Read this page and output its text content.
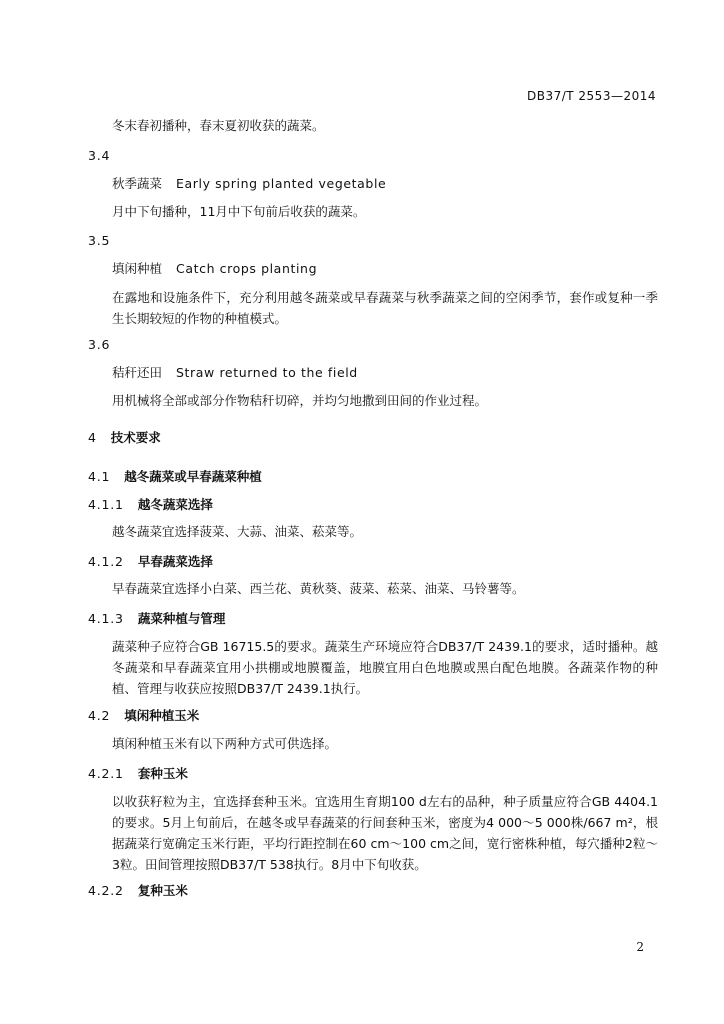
DB37/T 2553—2014
冬末春初播种，春末夏初收获的蔬菜。
3.4
秋季蔬菜 Early spring planted vegetable
月中下旬播种，11月中下旬前后收获的蔬菜。
3.5
填闲种植 Catch crops planting
在露地和设施条件下，充分利用越冬蔬菜或早春蔬菜与秋季蔬菜之间的空闲季节，套作或复种一季生长期较短的作物的种植模式。
3.6
秸秆还田 Straw returned to the field
用机械将全部或部分作物秸秆切碎，并均匀地撒到田间的作业过程。
4 技术要求
4.1 越冬蔬菜或早春蔬菜种植
4.1.1 越冬蔬菜选择
越冬蔬菜宜选择菠菜、大蒜、油菜、菘菜等。
4.1.2 早春蔬菜选择
早春蔬菜宜选择小白菜、西兰花、黄秋葵、菠菜、菘菜、油菜、马铃薯等。
4.1.3 蔬菜种植与管理
蔬菜种子应符合GB 16715.5的要求。蔬菜生产环境应符合DB37/T 2439.1的要求，适时播种。越冬蔬菜和早春蔬菜宜用小拱棚或地膜覆盖，地膜宜用白色地膜或黑白配色地膜。各蔬菜作物的种植、管理与收获应按照DB37/T 2439.1执行。
4.2 填闲种植玉米
填闲种植玉米有以下两种方式可供选择。
4.2.1 套种玉米
以收获籽粒为主，宜选择套种玉米。宜选用生育期100 d左右的品种，种子质量应符合GB 4404.1的要求。5月上旬前后，在越冬或早春蔬菜的行间套种玉米，密度为4 000～5 000株/667 m²，根据蔬菜行宽确定玉米行距，平均行距控制在60 cm～100 cm之间，宽行密株种植，每穴播种2粒～3粒。田间管理按照DB37/T 538执行。8月中下旬收获。
4.2.2 复种玉米
2
